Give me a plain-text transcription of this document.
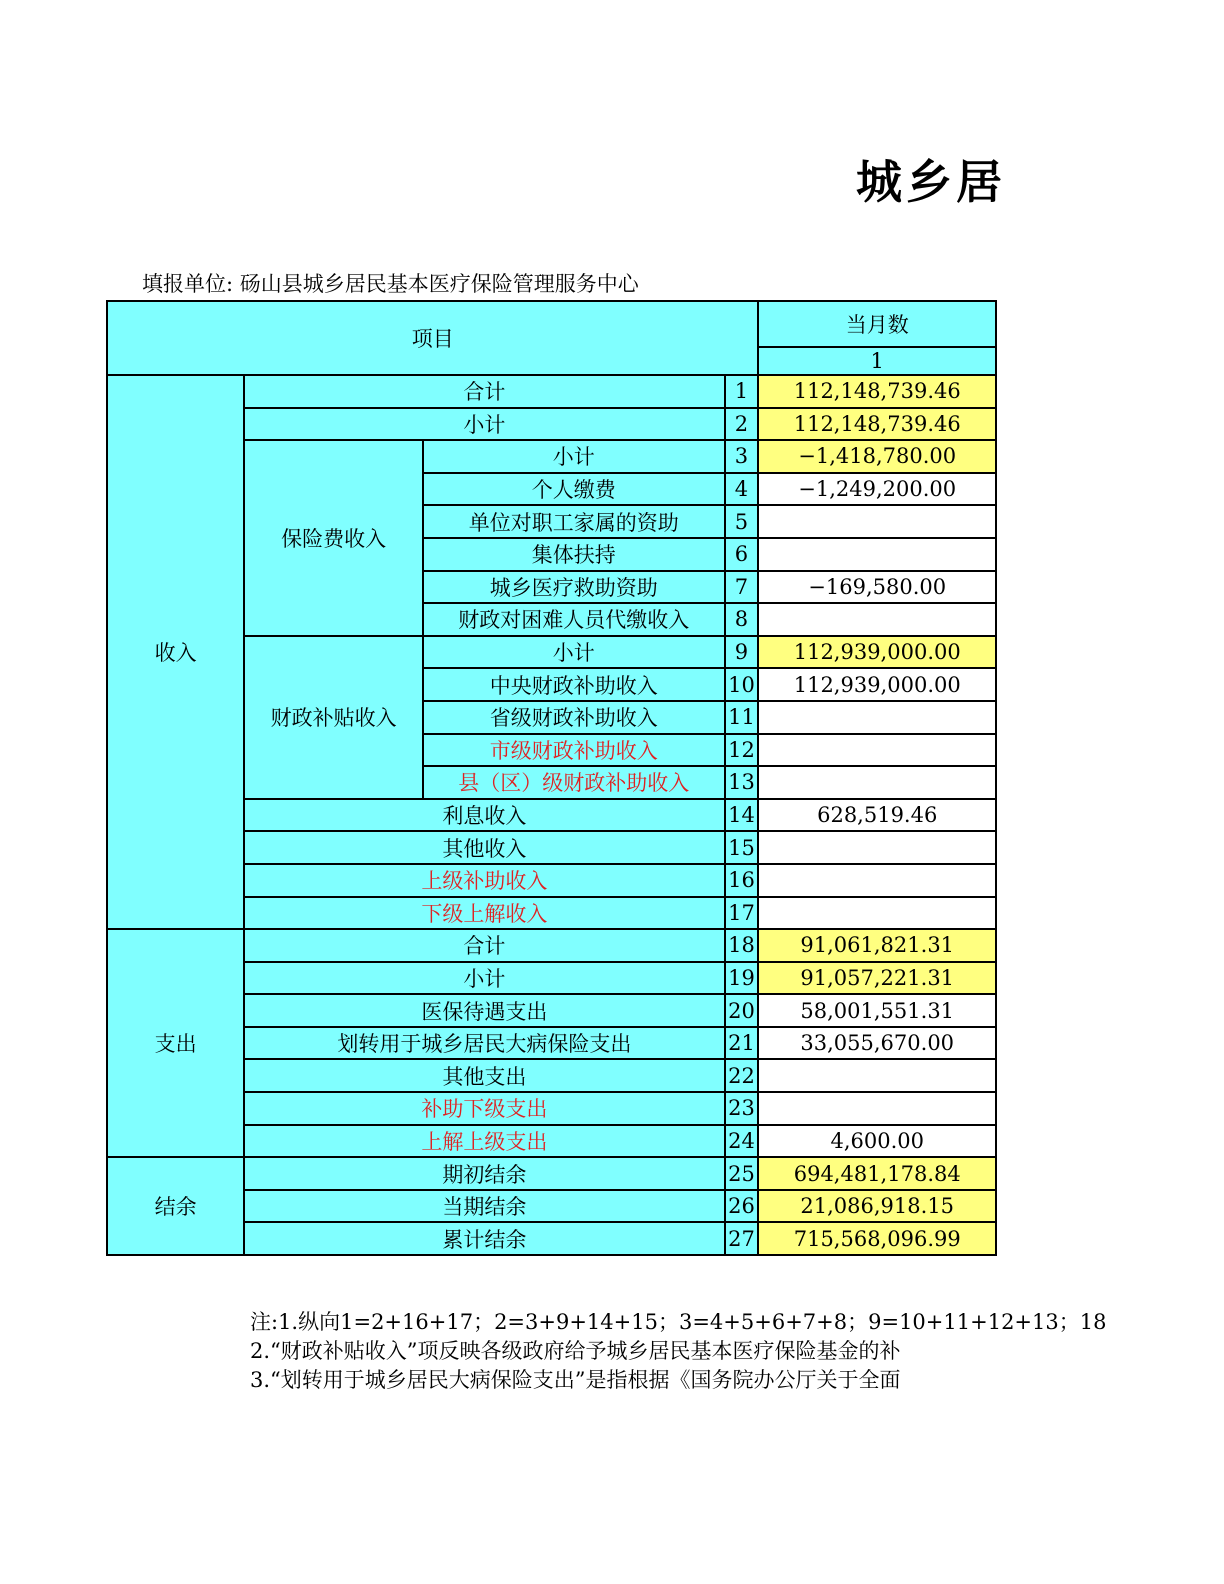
城乡居
填报单位: 砀山县城乡居民基本医疗保险管理服务中心
项目				当月数
				1
收入	合计		1	112,148,739.46
	小计		2	112,148,739.46
	保险费收入	小计	3	−1,418,780.00
		个人缴费	4	−1,249,200.00
		单位对职工家属的资助	5	
		集体扶持	6	
		城乡医疗救助资助	7	−169,580.00
		财政对困难人员代缴收入	8	
	财政补贴收入	小计	9	112,939,000.00
		中央财政补助收入	10	112,939,000.00
		省级财政补助收入	11	
		市级财政补助收入	12	
		县（区）级财政补助收入	13	
	利息收入		14	628,519.46
	其他收入		15	
	上级补助收入		16	
	下级上解收入		17	
支出	合计		18	91,061,821.31
	小计		19	91,057,221.31
	医保待遇支出		20	58,001,551.31
	划转用于城乡居民大病保险支出		21	33,055,670.00
	其他支出		22	
	补助下级支出		23	
	上解上级支出		24	4,600.00
结余	期初结余		25	694,481,178.84
	当期结余		26	21,086,918.15
	累计结余		27	715,568,096.99
注:1.纵向1=2+16+17；2=3+9+14+15；3=4+5+6+7+8；9=10+11+12+13；18
2.“财政补贴收入”项反映各级政府给予城乡居民基本医疗保险基金的补
3.“划转用于城乡居民大病保险支出”是指根据《国务院办公厅关于全面
